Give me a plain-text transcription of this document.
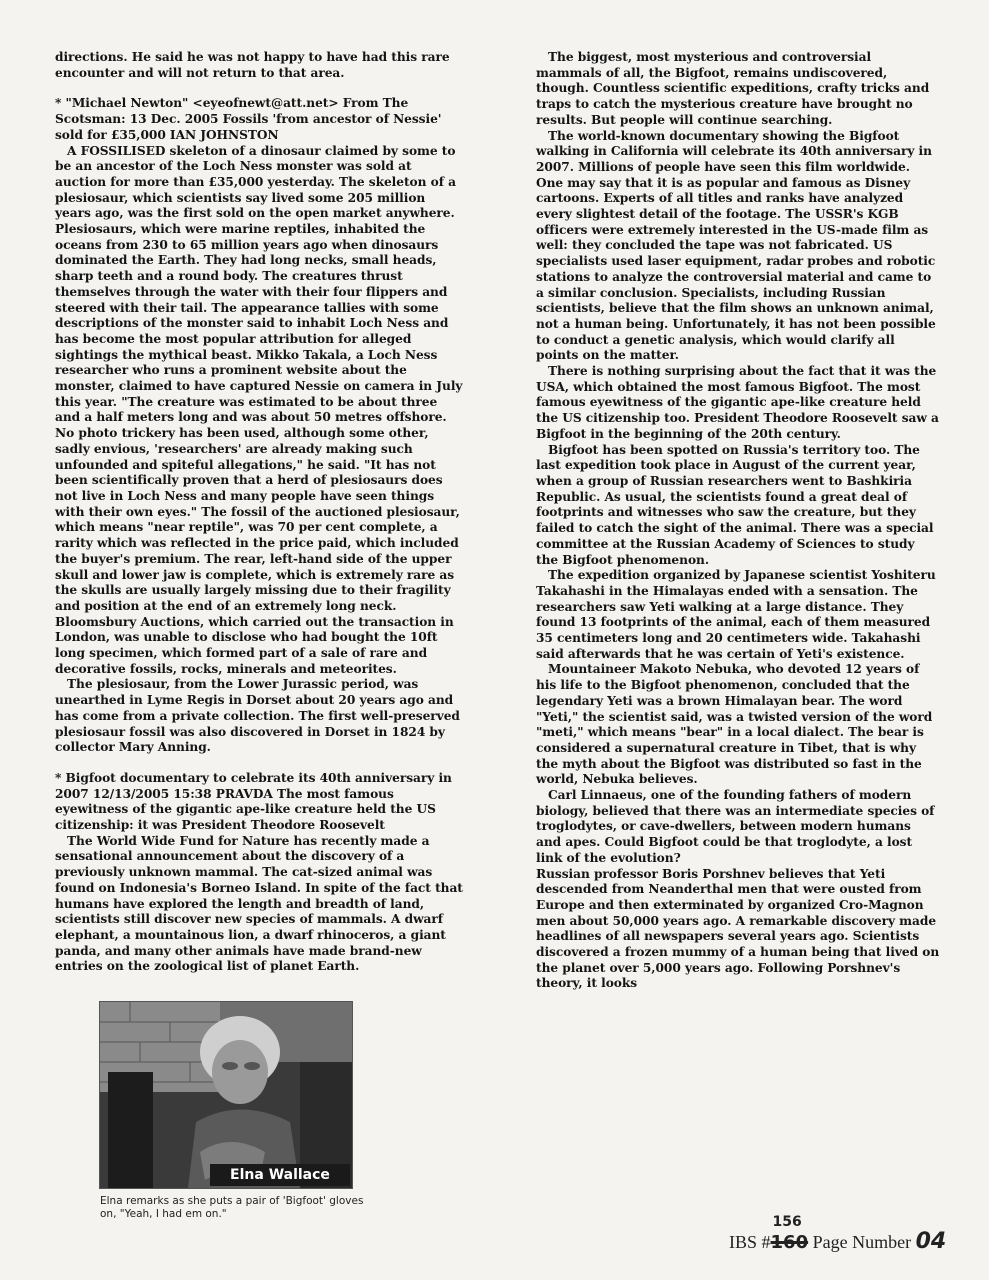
directions. He said he was not happy to have had this rare encounter and will not return to that area.

* "Michael Newton" <eyeofnewt@att.net> From The Scotsman: 13 Dec. 2005 Fossils 'from ancestor of Nessie' sold for £35,000 IAN JOHNSTON

A FOSSILISED skeleton of a dinosaur claimed by some to be an ancestor of the Loch Ness monster was sold at auction for more than £35,000 yesterday. The skeleton of a plesiosaur, which scientists say lived some 205 million years ago, was the first sold on the open market anywhere. Plesiosaurs, which were marine reptiles, inhabited the oceans from 230 to 65 million years ago when dinosaurs dominated the Earth. They had long necks, small heads, sharp teeth and a round body. The creatures thrust themselves through the water with their four flippers and steered with their tail. The appearance tallies with some descriptions of the monster said to inhabit Loch Ness and has become the most popular attribution for alleged sightings the mythical beast. Mikko Takala, a Loch Ness researcher who runs a prominent website about the monster, claimed to have captured Nessie on camera in July this year. "The creature was estimated to be about three and a half meters long and was about 50 metres offshore. No photo trickery has been used, although some other, sadly envious, 'researchers' are already making such unfounded and spiteful allegations," he said. "It has not been scientifically proven that a herd of plesiosaurs does not live in Loch Ness and many people have seen things with their own eyes." The fossil of the auctioned plesiosaur, which means "near reptile", was 70 per cent complete, a rarity which was reflected in the price paid, which included the buyer's premium. The rear, left-hand side of the upper skull and lower jaw is complete, which is extremely rare as the skulls are usually largely missing due to their fragility and position at the end of an extremely long neck. Bloomsbury Auctions, which carried out the transaction in London, was unable to disclose who had bought the 10ft long specimen, which formed part of a sale of rare and decorative fossils, rocks, minerals and meteorites.

The plesiosaur, from the Lower Jurassic period, was unearthed in Lyme Regis in Dorset about 20 years ago and has come from a private collection. The first well-preserved plesiosaur fossil was also discovered in Dorset in 1824 by collector Mary Anning.

* Bigfoot documentary to celebrate its 40th anniversary in 2007 12/13/2005 15:38 PRAVDA The most famous eyewitness of the gigantic ape-like creature held the US citizenship: it was President Theodore Roosevelt

The World Wide Fund for Nature has recently made a sensational announcement about the discovery of a previously unknown mammal. The cat-sized animal was found on Indonesia's Borneo Island. In spite of the fact that humans have explored the length and breadth of land, scientists still discover new species of mammals. A dwarf elephant, a mountainous lion, a dwarf rhinoceros, a giant panda, and many other animals have made brand-new entries on the zoological list of planet Earth.

The biggest, most mysterious and controversial mammals of all, the Bigfoot, remains undiscovered, though. Countless scientific expeditions, crafty tricks and traps to catch the mysterious creature have brought no results. But people will continue searching.

The world-known documentary showing the Bigfoot walking in California will celebrate its 40th anniversary in 2007. Millions of people have seen this film worldwide. One may say that it is as popular and famous as Disney cartoons. Experts of all titles and ranks have analyzed every slightest detail of the footage. The USSR's KGB officers were extremely interested in the US-made film as well: they concluded the tape was not fabricated. US specialists used laser equipment, radar probes and robotic stations to analyze the controversial material and came to a similar conclusion. Specialists, including Russian scientists, believe that the film shows an unknown animal, not a human being. Unfortunately, it has not been possible to conduct a genetic analysis, which would clarify all points on the matter.

There is nothing surprising about the fact that it was the USA, which obtained the most famous Bigfoot. The most famous eyewitness of the gigantic ape-like creature held the US citizenship too. President Theodore Roosevelt saw a Bigfoot in the beginning of the 20th century.

Bigfoot has been spotted on Russia's territory too. The last expedition took place in August of the current year, when a group of Russian researchers went to Bashkiria Republic. As usual, the scientists found a great deal of footprints and witnesses who saw the creature, but they failed to catch the sight of the animal. There was a special committee at the Russian Academy of Sciences to study the Bigfoot phenomenon.

The expedition organized by Japanese scientist Yoshiteru Takahashi in the Himalayas ended with a sensation. The researchers saw Yeti walking at a large distance. They found 13 footprints of the animal, each of them measured 35 centimeters long and 20 centimeters wide. Takahashi said afterwards that he was certain of Yeti's existence.

Mountaineer Makoto Nebuka, who devoted 12 years of his life to the Bigfoot phenomenon, concluded that the legendary Yeti was a brown Himalayan bear. The word "Yeti," the scientist said, was a twisted version of the word "meti," which means "bear" in a local dialect. The bear is considered a supernatural creature in Tibet, that is why the myth about the Bigfoot was distributed so fast in the world, Nebuka believes.

Carl Linnaeus, one of the founding fathers of modern biology, believed that there was an intermediate species of troglodytes, or cave-dwellers, between modern humans and apes. Could Bigfoot could be that troglodyte, a lost link of the evolution?

Russian professor Boris Porshnev believes that Yeti descended from Neanderthal men that were ousted from Europe and then exterminated by organized Cro-Magnon men about 50,000 years ago. A remarkable discovery made headlines of all newspapers several years ago. Scientists discovered a frozen mummy of a human being that lived on the planet over 5,000 years ago. Following Porshnev's theory, it looks

Elna Wallace
Elna remarks as she puts a pair of 'Bigfoot' gloves on, "Yeah, I had em on."
IBS #160
156
Page Number 04
